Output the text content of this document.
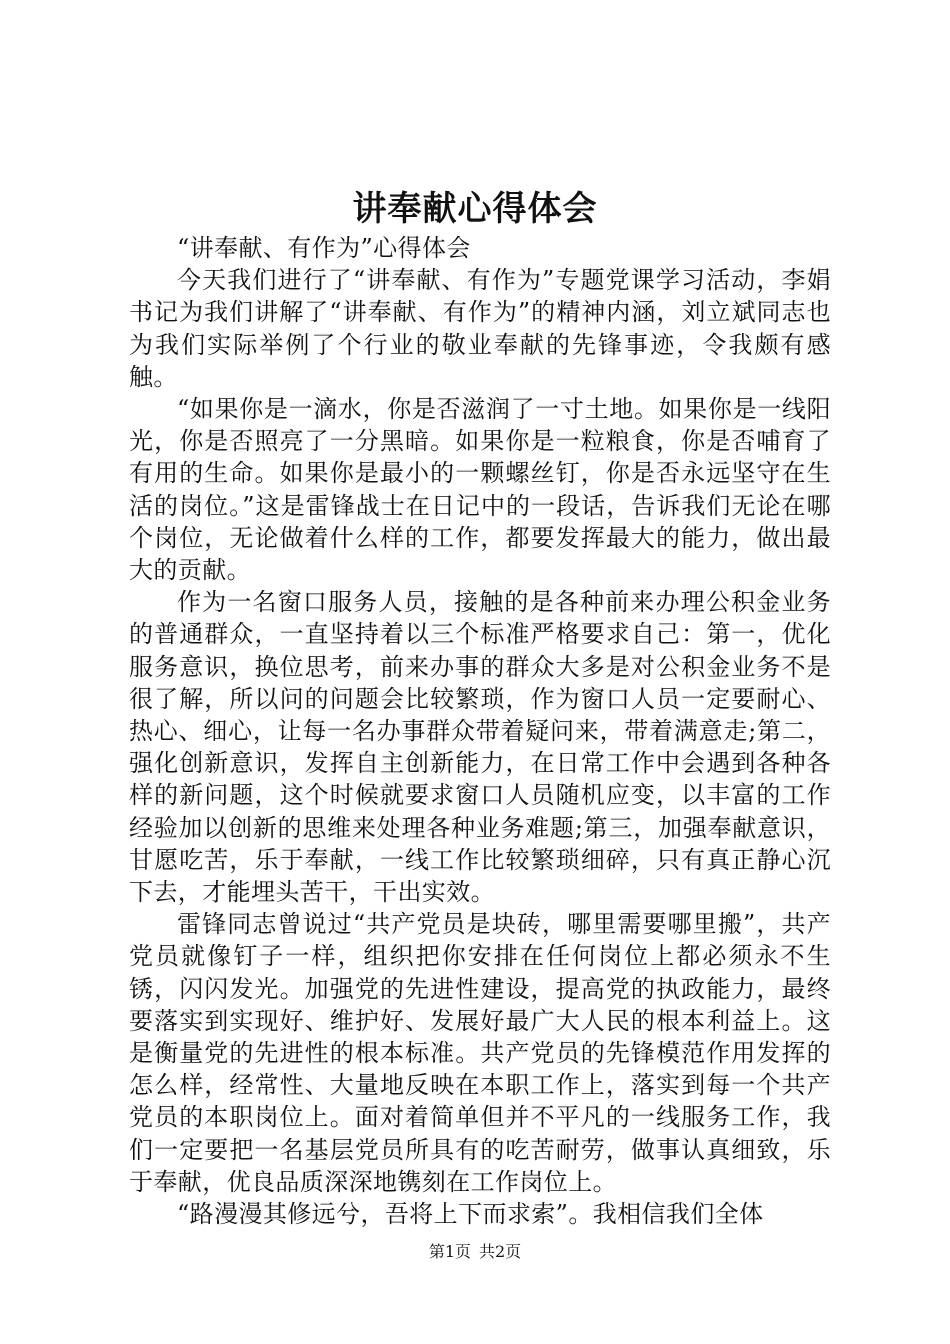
讲奉献心得体会

“讲奉献、有作为”心得体会

今天我们进行了“讲奉献、有作为”专题党课学习活动，李娟书记为我们讲解了“讲奉献、有作为”的精神内涵，刘立斌同志也为我们实际举例了个行业的敬业奉献的先锋事迹，令我颇有感触。

“如果你是一滴水，你是否滋润了一寸土地。如果你是一线阳光，你是否照亮了一分黑暗。如果你是一粒粮食，你是否哺育了有用的生命。如果你是最小的一颗螺丝钉，你是否永远坚守在生活的岗位。”这是雷锋战士在日记中的一段话，告诉我们无论在哪个岗位，无论做着什么样的工作，都要发挥最大的能力，做出最大的贡献。

作为一名窗口服务人员，接触的是各种前来办理公积金业务的普通群众，一直坚持着以三个标准严格要求自己：第一，优化服务意识，换位思考，前来办事的群众大多是对公积金业务不是很了解，所以问的问题会比较繁琐，作为窗口人员一定要耐心、热心、细心，让每一名办事群众带着疑问来，带着满意走;第二，强化创新意识，发挥自主创新能力，在日常工作中会遇到各种各样的新问题，这个时候就要求窗口人员随机应变，以丰富的工作经验加以创新的思维来处理各种业务难题;第三，加强奉献意识，甘愿吃苦，乐于奉献，一线工作比较繁琐细碎，只有真正静心沉下去，才能埋头苦干，干出实效。

雷锋同志曾说过“共产党员是块砖，哪里需要哪里搬”，共产党员就像钉子一样，组织把你安排在任何岗位上都必须永不生锈，闪闪发光。加强党的先进性建设，提高党的执政能力，最终要落实到实现好、维护好、发展好最广大人民的根本利益上。这是衡量党的先进性的根本标准。共产党员的先锋模范作用发挥的怎么样，经常性、大量地反映在本职工作上，落实到每一个共产党员的本职岗位上。面对着简单但并不平凡的一线服务工作，我们一定要把一名基层党员所具有的吃苦耐劳，做事认真细致，乐于奉献，优良品质深深地镌刻在工作岗位上。

“路漫漫其修远兮，吾将上下而求索”。我相信我们全体

第1页 共2页
